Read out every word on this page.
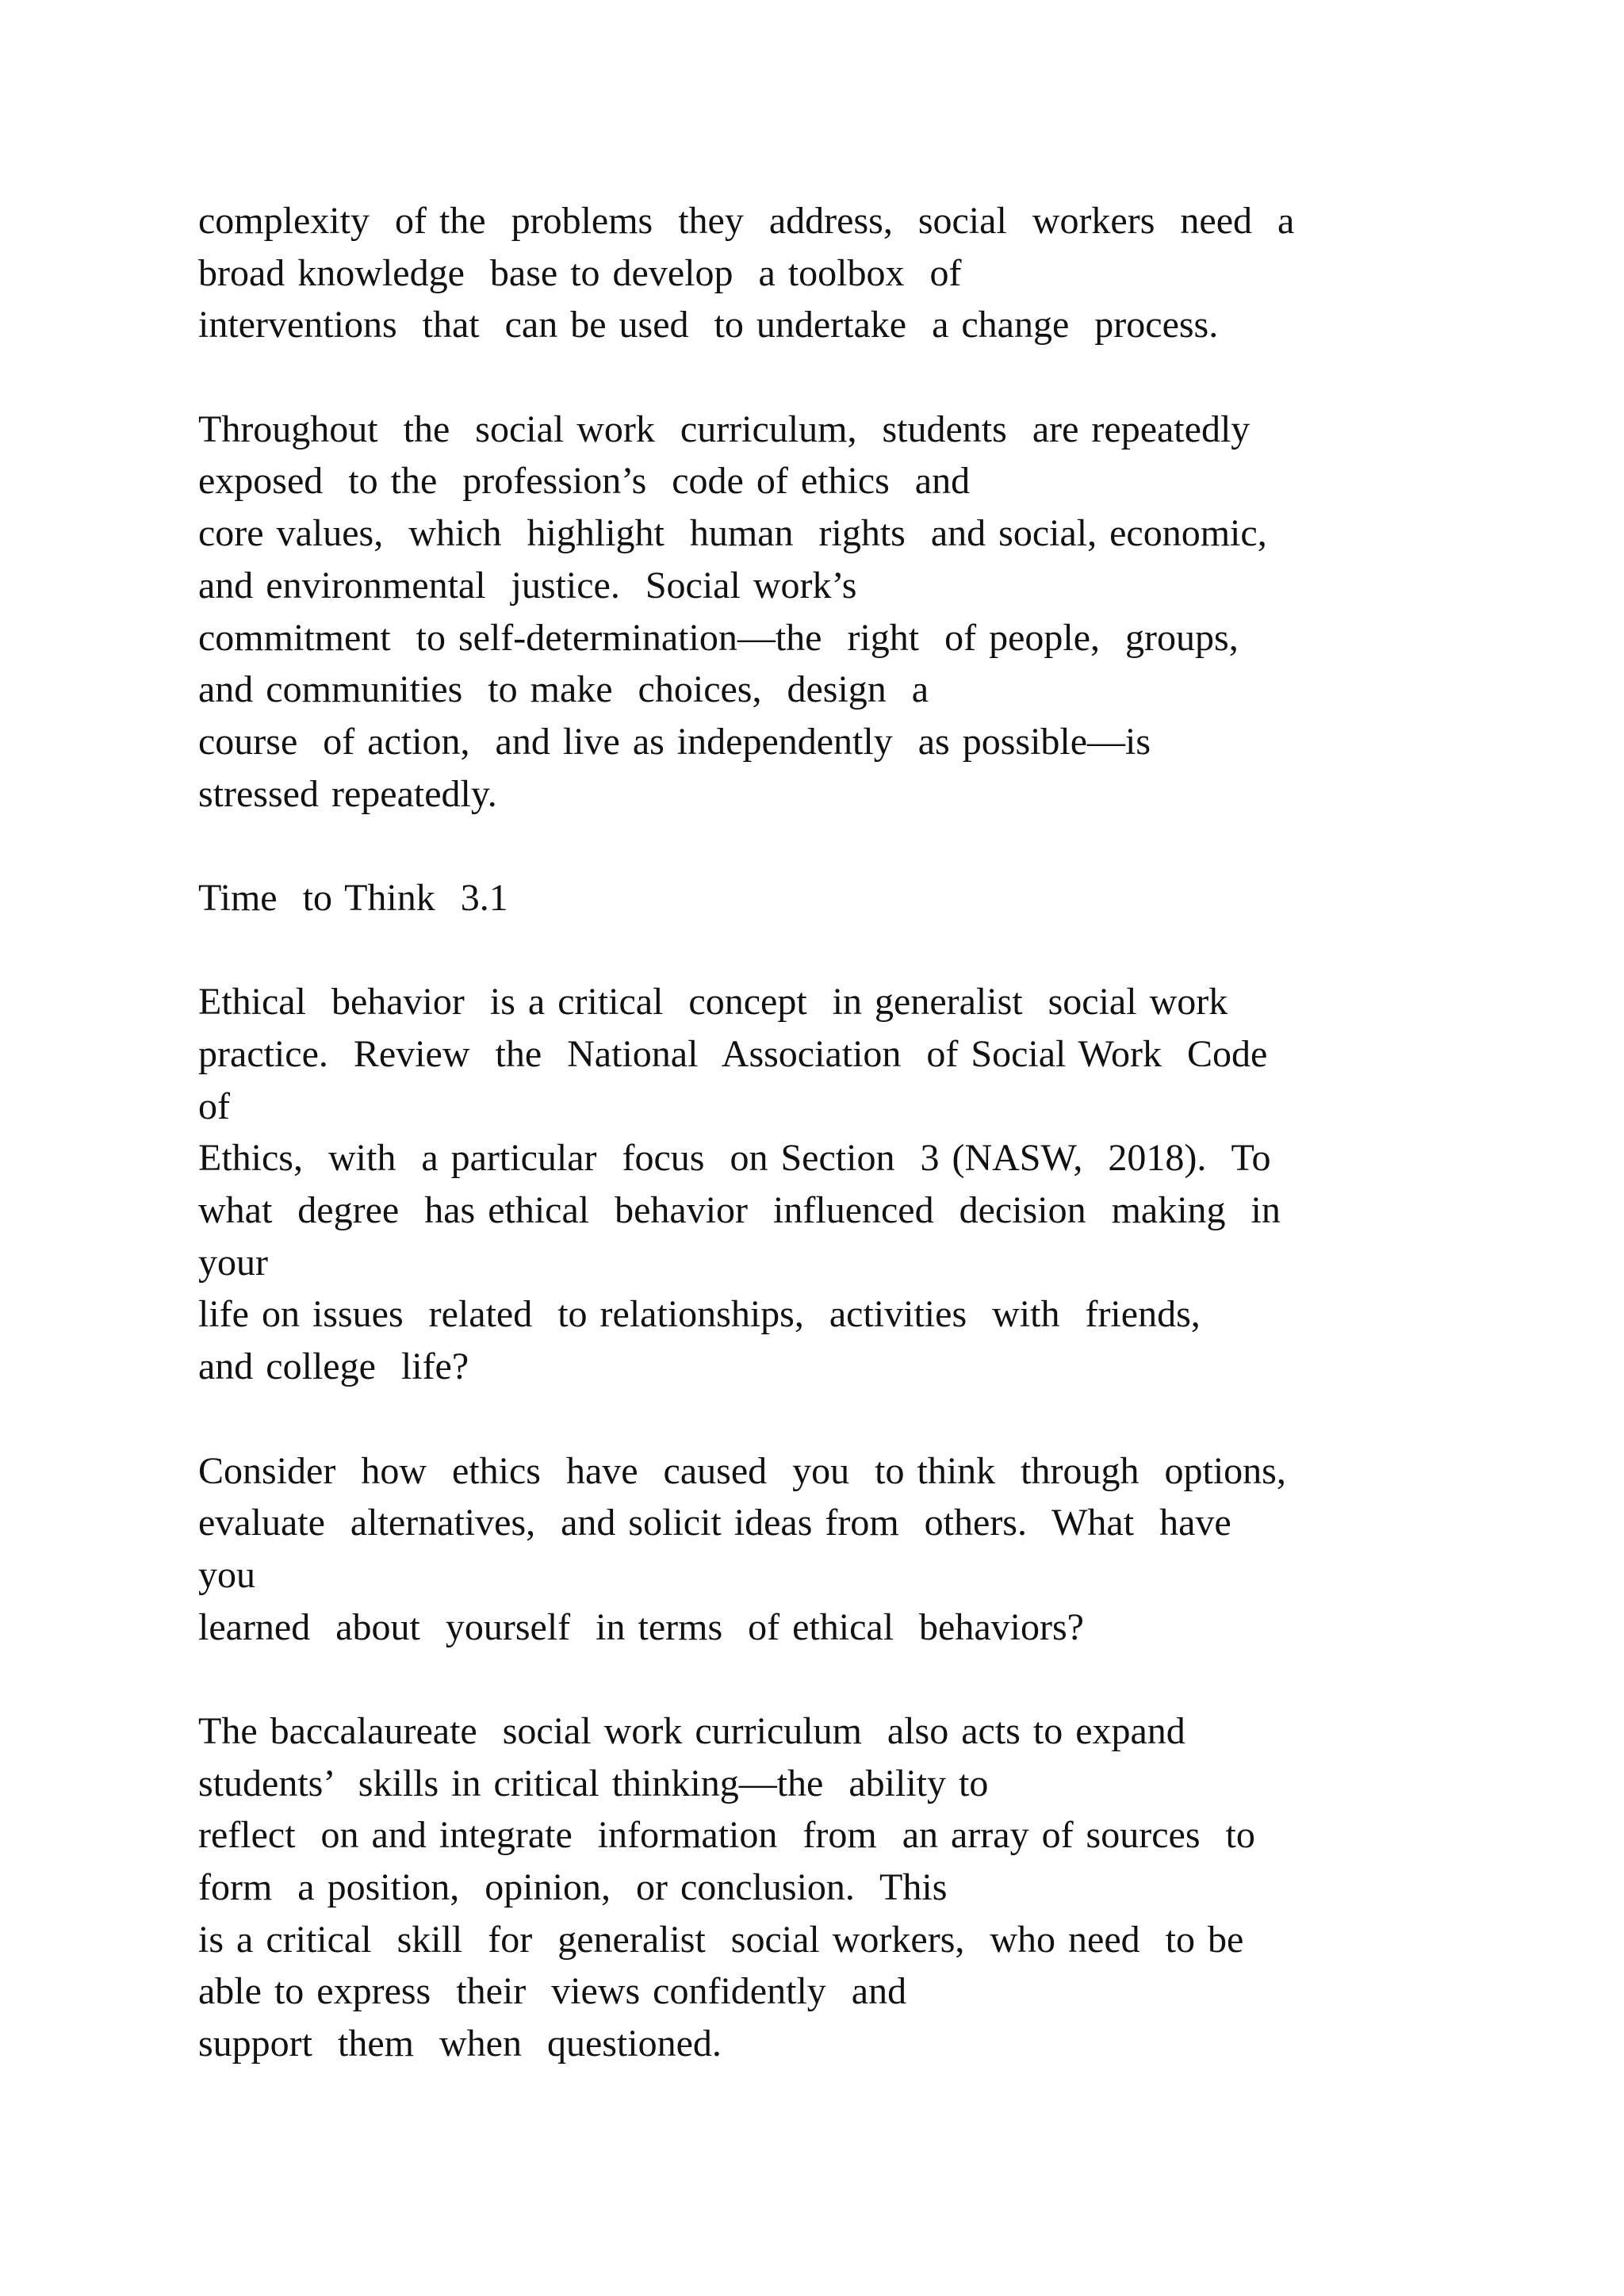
complexity  of the  problems  they  address,  social  workers  need  a
broad knowledge  base to develop  a toolbox  of
interventions  that  can be used  to undertake  a change  process.
Throughout  the  social work  curriculum,  students  are repeatedly
exposed  to the  profession’s  code of ethics  and
core values,  which  highlight  human  rights  and social, economic,
and environmental  justice.  Social work’s
commitment  to self-determination—the  right  of people,  groups,
and communities  to make  choices,  design  a
course  of action,  and live as independently  as possible—is
stressed repeatedly.
Time  to Think  3.1
Ethical  behavior  is a critical  concept  in generalist  social work
practice.  Review  the  National  Association  of Social Work  Code
of
Ethics,  with  a particular  focus  on Section  3 (NASW,  2018).  To
what  degree  has ethical  behavior  influenced  decision  making  in
your
life on issues  related  to relationships,  activities  with  friends,
and college  life?
Consider  how  ethics  have  caused  you  to think  through  options,
evaluate  alternatives,  and solicit ideas from  others.  What  have
you
learned  about  yourself  in terms  of ethical  behaviors?
The baccalaureate  social work curriculum  also acts to expand
students’  skills in critical thinking—the  ability to
reflect  on and integrate  information  from  an array of sources  to
form  a position,  opinion,  or conclusion.  This
is a critical  skill  for  generalist  social workers,  who need  to be
able to express  their  views confidently  and
support  them  when  questioned.
